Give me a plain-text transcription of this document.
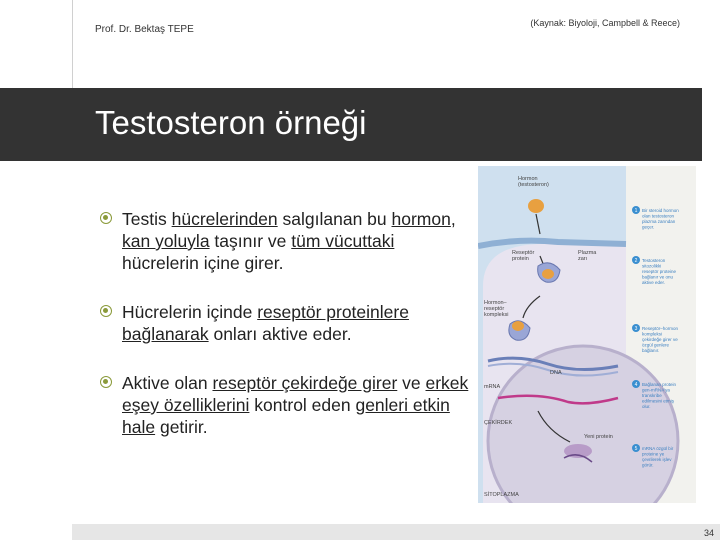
Prof. Dr. Bektaş TEPE
(Kaynak: Biyoloji, Campbell & Reece)
Testosteron örneği
Testis hücrelerinden salgılanan bu hormon, kan yoluyla taşınır ve tüm vücuttaki hücrelerin içine girer.
Hücrelerin içinde reseptör proteinlere bağlanarak onları aktive eder.
Aktive olan reseptör çekirdeğe girer ve erkek eşey özelliklerini kontrol eden genleri etkin hale getirir.
Hormon (testosteron)
Plazma zarı
Reseptör protein
Hormon– reseptör kompleksi
DNA
mRNA
ÇEKİRDEK
Yeni protein
SİTOPLAZMA
1 Bir steroid hormon olan testosteron plazma zarından geçer.
2 Testosteron sitozolikki reseptör proteine bağlanır ve onu aktive eder.
3 Reseptör–hormon kompleksi çekirdeğe girer ve özgül genlere bağlanır.
4 Bağlanan protein gen-mRNA'ya transkribe edilmesini etmiş olur.
5 mRNA özgül bir proteine ye çevrilerek işlev görür.
34
